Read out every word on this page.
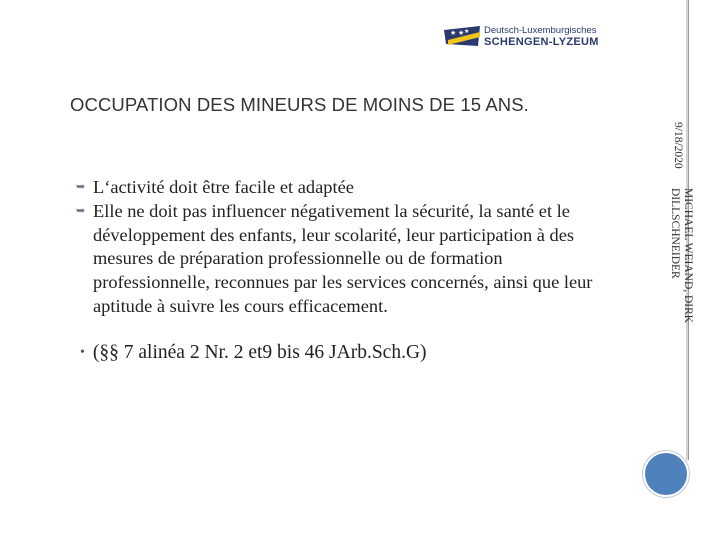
★ ★ ★ Deutsch-Luxemburgisches
SCHENGEN-LYZEUM
OCCUPATION DES MINEURS DE MOINS DE 15 ANS.
9/18/2020
MICHAEL WEIAND, DIRK DILLSCHNEIDER
➥ L‘activité doit être facile et adaptée
➥ Elle ne doit pas influencer négativement la sécurité, la santé et le développement des enfants, leur scolarité, leur participation à des mesures de préparation professionnelle ou de formation professionnelle, reconnues par les services concernés, ainsi que leur aptitude à suivre les cours efficacement.
• (§§ 7 alinéa 2 Nr. 2 et9 bis 46 JArb.Sch.G)
